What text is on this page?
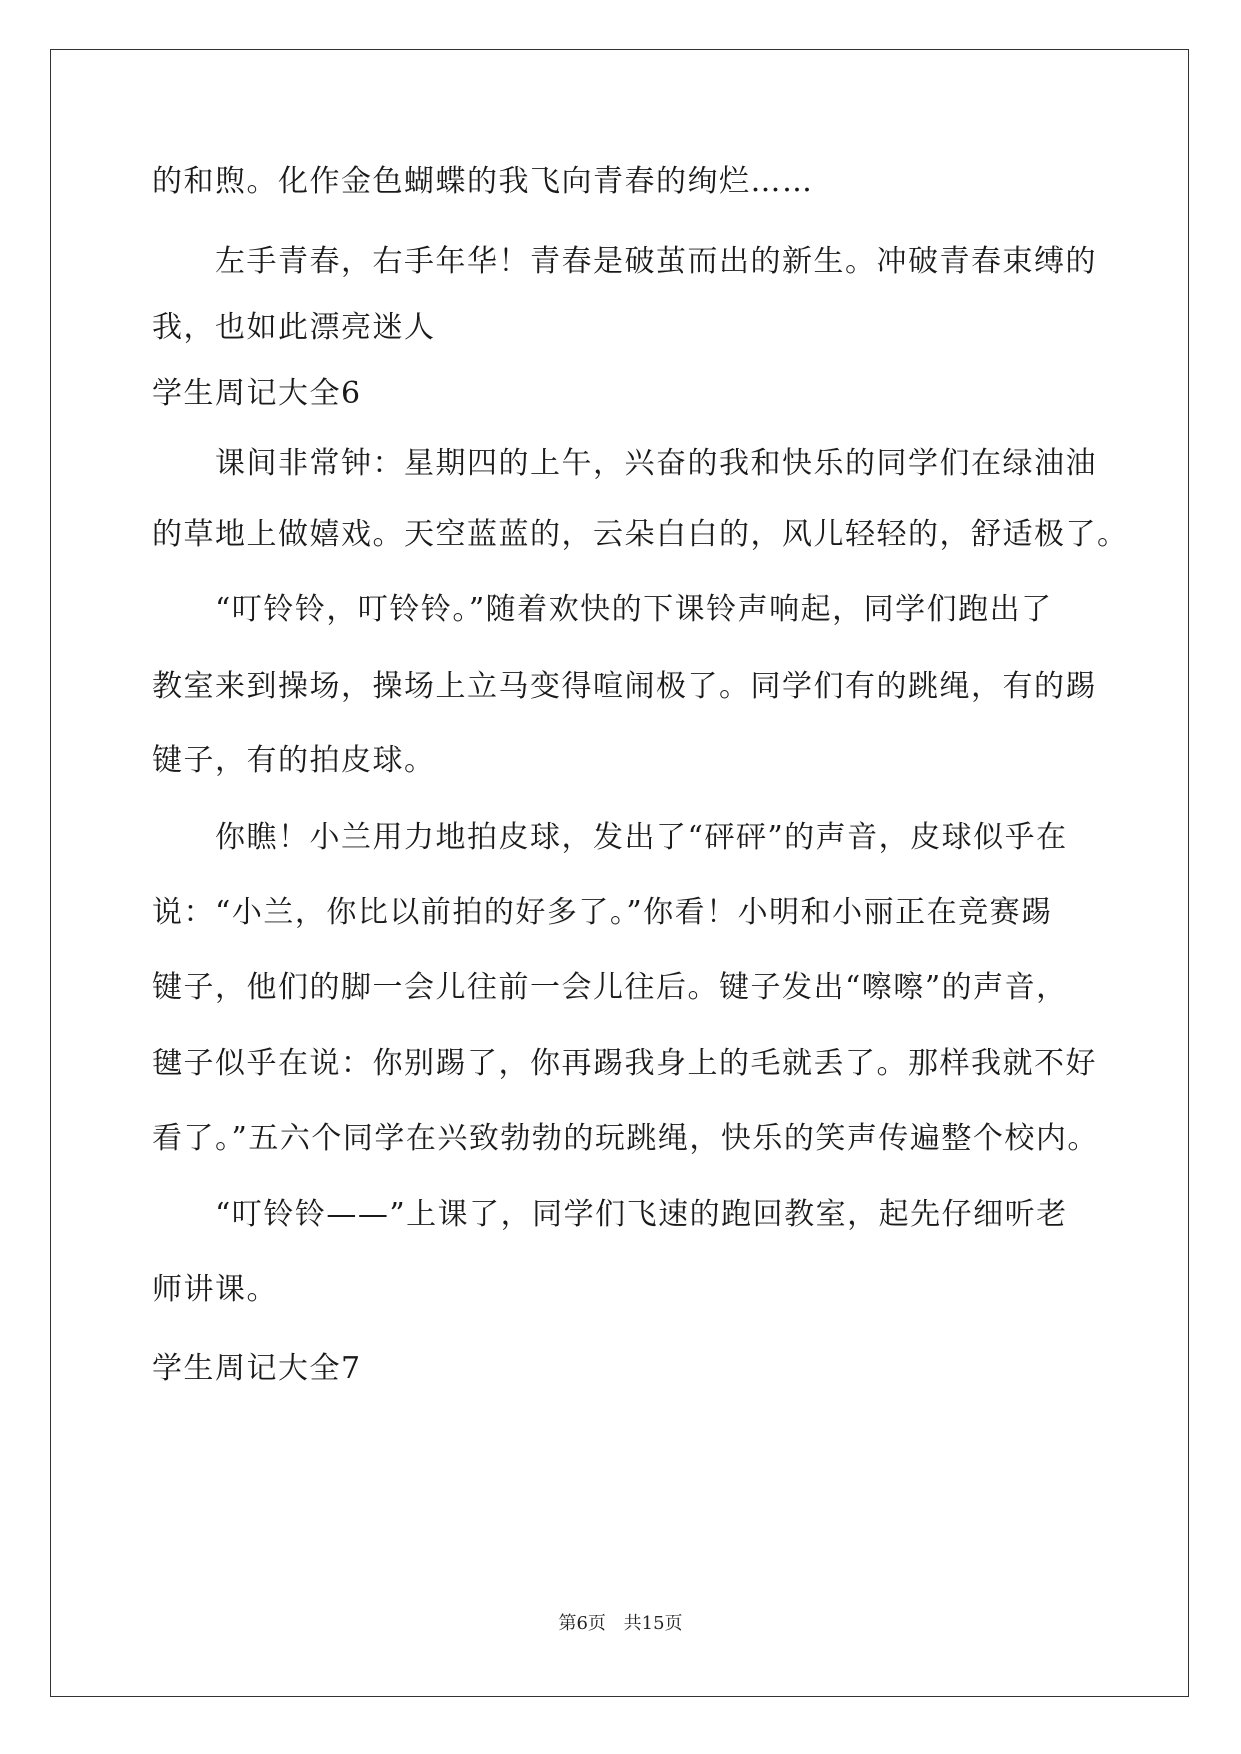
的和煦。化作金色蝴蝶的我飞向青春的绚烂……
左手青春，右手年华！青春是破茧而出的新生。冲破青春束缚的
我，也如此漂亮迷人
学生周记大全6
课间非常钟：星期四的上午，兴奋的我和快乐的同学们在绿油油
的草地上做嬉戏。天空蓝蓝的，云朵白白的，风儿轻轻的，舒适极了。
“叮铃铃，叮铃铃。”随着欢快的下课铃声响起，同学们跑出了
教室来到操场，操场上立马变得喧闹极了。同学们有的跳绳，有的踢
键子，有的拍皮球。
你瞧！小兰用力地拍皮球，发出了“砰砰”的声音，皮球似乎在
说：“小兰，你比以前拍的好多了。”你看！小明和小丽正在竞赛踢
键子，他们的脚一会儿往前一会儿往后。键子发出“嚓嚓”的声音，
毽子似乎在说：你别踢了，你再踢我身上的毛就丢了。那样我就不好
看了。”五六个同学在兴致勃勃的玩跳绳，快乐的笑声传遍整个校内。
“叮铃铃——”上课了，同学们飞速的跑回教室，起先仔细听老
师讲课。
学生周记大全7
第6页 共15页
